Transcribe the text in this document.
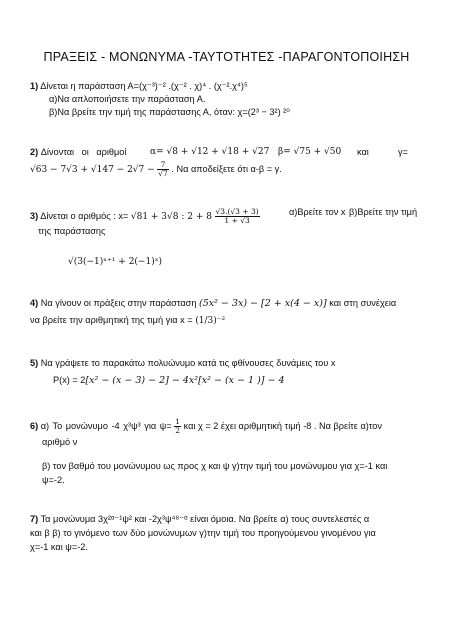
ΠΡΑΞΕΙΣ - ΜΟΝΩΝΥΜΑ -ΤΑΥΤΟΤΗΤΕΣ -ΠΑΡΑΓΟΝΤΟΠΟΙΗΣΗ
1) Δίνεται η παράσταση Α=(χ⁻³)⁻² .(χ⁻² . χ)⁴ . (χ⁻².χ⁴)⁵
α)Να απλοποιήσετε την παράσταση Α.
β)Να βρείτε την τιμή της παράστασης Α, όταν: χ=(2³ − 3²) ²⁰
2) Δίνονται οι αριθμοί	α= √8 + √12 + √18 + √27 β= √75 + √50 και	γ=
$√63 - 7√3 + √147 - 2√7 - \frac{7}{√7}$ . Να αποδείξετε ότι α-β = γ.
3) Δίνεται ο αριθμός : x= √81 + 3√8 : $2 + 8 \frac{√3.(√3 + 3)}{1 + √3}$	α)Βρείτε τον x β)Βρείτε την τιμή
της παράστασης
√(3(−1)ˣ⁺¹ + 2(−1)ˣ)
4) Να γίνουν οι πράξεις στην παράσταση (5x² − 3x) − [2 + x(4 − x)] και στη συνέχεια
να βρείτε την αριθμητική της τιμή για x = (1/3)⁻²
5) Να γράψετε το παρακάτω πολυώνυμο κατά τις φθίνουσες δυνάμεις του x
P(x) = 2[x² − (x − 3) − 2] − 4x²[x² − (x − 1 )] − 4
6) α) Το μονώνυμο -4 χ³ψ³ για $\psi= \frac{1}{2}$ και χ = 2 έχει αριθμητική τιμή -8 . Να βρείτε α)τον
αριθμό ν
β) τον βαθμό του μονώνυμου ως προς χ και ψ γ)την τιμή του μονώνυμου για χ=-1 και
ψ=-2.
7) Τα μονώνυμα 3χ²ᵅ⁻¹ψ² και -2χ³ψ⁴⁸⁻ᵅ είναι όμοια. Να βρείτε α) τους συντελεστές α
και β β) το γινόμενο των δύο μονώνυμων γ)την τιμή του προηγούμενου γινομένου για
χ=-1 και ψ=-2.
